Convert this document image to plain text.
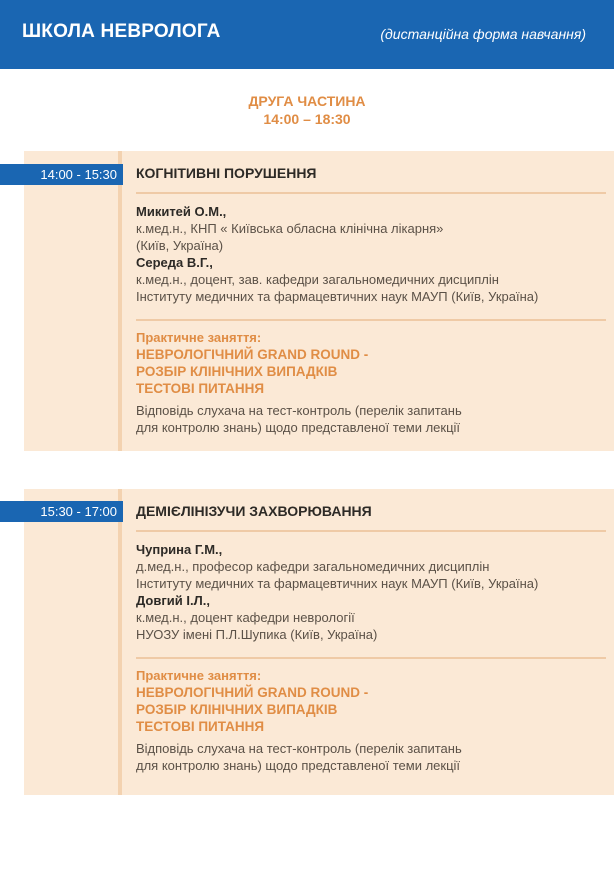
ШКОЛА НЕВРОЛОГА	(дистанційна форма навчання)
ДРУГА ЧАСТИНА
14:00 – 18:30
КОГНІТИВНІ ПОРУШЕННЯ
Микитей О.М.,
к.мед.н., КНП « Київська обласна клінічна лікарня»
(Київ, Україна)
Середа В.Г.,
к.мед.н., доцент, зав. кафедри загальномедичних дисциплін
Інституту медичних та фармацевтичних наук МАУП (Київ, Україна)
Практичне заняття:
НЕВРОЛОГІЧНИЙ GRAND ROUND -
РОЗБІР КЛІНІЧНИХ ВИПАДКІВ
ТЕСТОВІ ПИТАННЯ
Відповідь слухача на тест-контроль (перелік запитань
для контролю знань) щодо представленої теми лекції
14:00 - 15:30
ДЕМІЄЛІНІЗУЧИ ЗАХВОРЮВАННЯ
Чуприна Г.М.,
д.мед.н., професор кафедри загальномедичних дисциплін
Інституту медичних та фармацевтичних наук МАУП (Київ, Україна)
Довгий І.Л.,
к.мед.н., доцент кафедри неврології
НУОЗУ імені П.Л.Шупика (Київ, Україна)
Практичне заняття:
НЕВРОЛОГІЧНИЙ GRAND ROUND -
РОЗБІР КЛІНІЧНИХ ВИПАДКІВ
ТЕСТОВІ ПИТАННЯ
Відповідь слухача на тест-контроль (перелік запитань
для контролю знань) щодо представленої теми лекції
15:30 - 17:00
